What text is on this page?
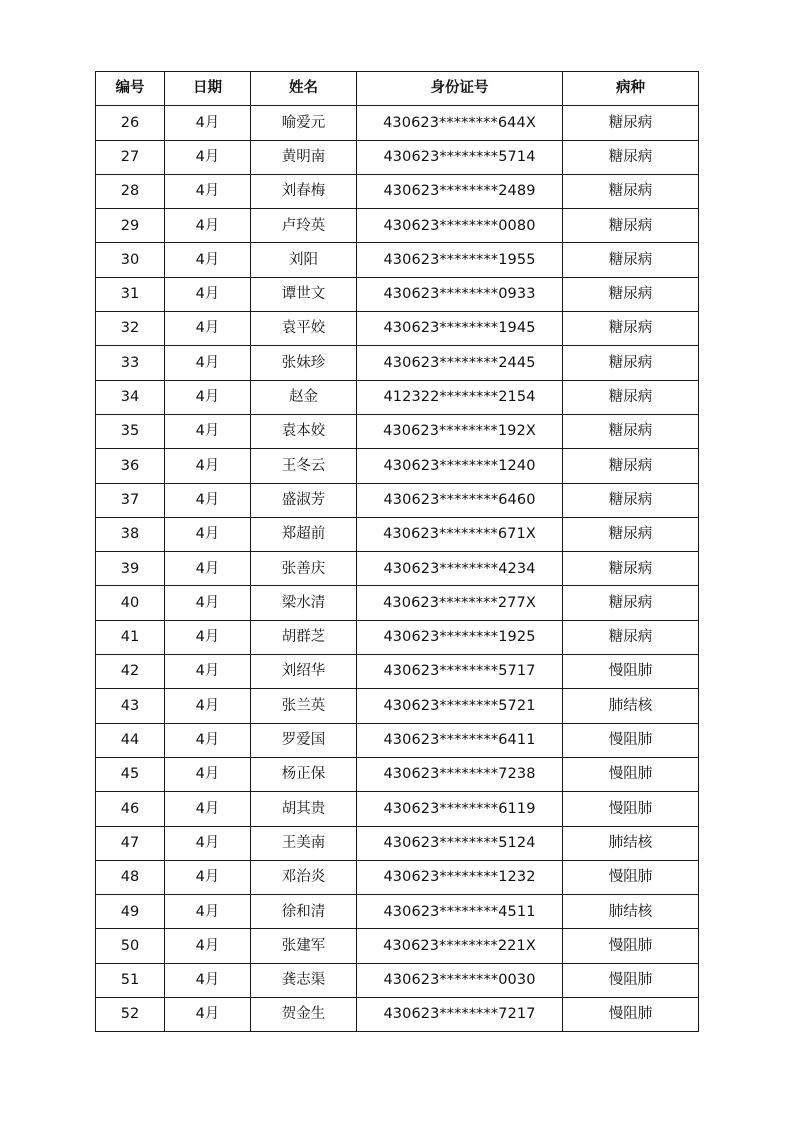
编号	日期	姓名	身份证号	病种
26	4月	喻爱元	430623********644X	糖尿病
27	4月	黄明南	430623********5714	糖尿病
28	4月	刘春梅	430623********2489	糖尿病
29	4月	卢玲英	430623********0080	糖尿病
30	4月	刘阳	430623********1955	糖尿病
31	4月	谭世文	430623********0933	糖尿病
32	4月	袁平姣	430623********1945	糖尿病
33	4月	张妹珍	430623********2445	糖尿病
34	4月	赵金	412322********2154	糖尿病
35	4月	袁本姣	430623********192X	糖尿病
36	4月	王冬云	430623********1240	糖尿病
37	4月	盛淑芳	430623********6460	糖尿病
38	4月	郑超前	430623********671X	糖尿病
39	4月	张善庆	430623********4234	糖尿病
40	4月	梁水清	430623********277X	糖尿病
41	4月	胡群芝	430623********1925	糖尿病
42	4月	刘绍华	430623********5717	慢阻肺
43	4月	张兰英	430623********5721	肺结核
44	4月	罗爱国	430623********6411	慢阻肺
45	4月	杨正保	430623********7238	慢阻肺
46	4月	胡其贵	430623********6119	慢阻肺
47	4月	王美南	430623********5124	肺结核
48	4月	邓治炎	430623********1232	慢阻肺
49	4月	徐和清	430623********4511	肺结核
50	4月	张建军	430623********221X	慢阻肺
51	4月	龚志渠	430623********0030	慢阻肺
52	4月	贺金生	430623********7217	慢阻肺
